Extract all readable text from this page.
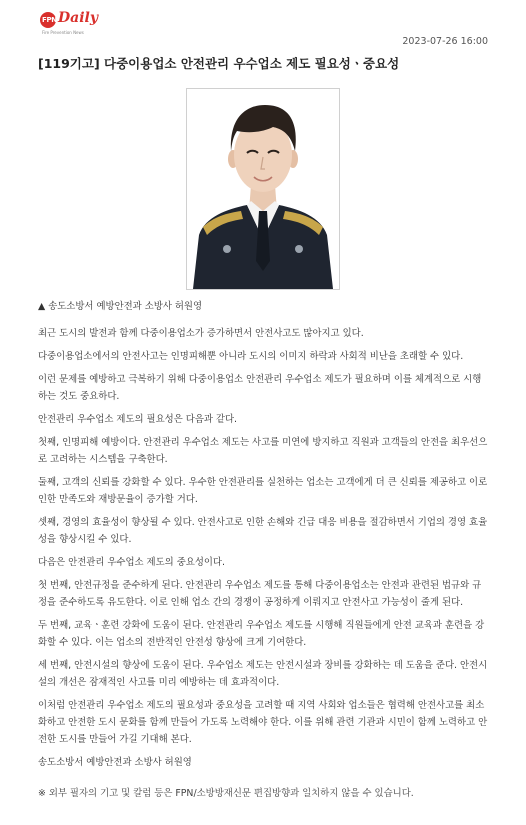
FPN Daily
Fire Prevention News
2023-07-26 16:00
[119기고] 다중이용업소 안전관리 우수업소 제도 필요성ㆍ중요성

▲ 송도소방서 예방안전과 소방사 허원영

최근 도시의 발전과 함께 다중이용업소가 증가하면서 안전사고도 많아지고 있다.

다중이용업소에서의 안전사고는 인명피해뿐 아니라 도시의 이미지 하락과 사회적 비난을 초래할 수 있다.

이런 문제를 예방하고 극복하기 위해 다중이용업소 안전관리 우수업소 제도가 필요하며 이를 체계적으로 시행하는 것도 중요하다.

안전관리 우수업소 제도의 필요성은 다음과 같다.

첫째, 인명피해 예방이다. 안전관리 우수업소 제도는 사고를 미연에 방지하고 직원과 고객들의 안전을 최우선으로 고려하는 시스템을 구축한다.

둘째, 고객의 신뢰를 강화할 수 있다. 우수한 안전관리를 실천하는 업소는 고객에게 더 큰 신뢰를 제공하고 이로 인한 만족도와 재방문율이 증가할 거다.

셋째, 경영의 효율성이 향상될 수 있다. 안전사고로 인한 손해와 긴급 대응 비용을 절감하면서 기업의 경영 효율성을 향상시킬 수 있다.

다음은 안전관리 우수업소 제도의 중요성이다.

첫 번째, 안전규정을 준수하게 된다. 안전관리 우수업소 제도를 통해 다중이용업소는 안전과 관련된 법규와 규정을 준수하도록 유도한다. 이로 인해 업소 간의 경쟁이 공정하게 이뤄지고 안전사고 가능성이 줄게 된다.

두 번째, 교육ㆍ훈련 강화에 도움이 된다. 안전관리 우수업소 제도를 시행해 직원들에게 안전 교육과 훈련을 강화할 수 있다. 이는 업소의 전반적인 안전성 향상에 크게 기여한다.

세 번째, 안전시설의 향상에 도움이 된다. 우수업소 제도는 안전시설과 장비를 강화하는 데 도움을 준다. 안전시설의 개선은 잠재적인 사고를 미리 예방하는 데 효과적이다.

이처럼 안전관리 우수업소 제도의 필요성과 중요성을 고려할 때 지역 사회와 업소들은 협력해 안전사고를 최소화하고 안전한 도시 문화를 함께 만들어 가도록 노력해야 한다. 이를 위해 관련 기관과 시민이 함께 노력하고 안전한 도시를 만들어 가길 기대해 본다.

송도소방서 예방안전과 소방사 허원영

※ 외부 필자의 기고 및 칼럼 등은 FPN/소방방재신문 편집방향과 일치하지 않을 수 있습니다.
